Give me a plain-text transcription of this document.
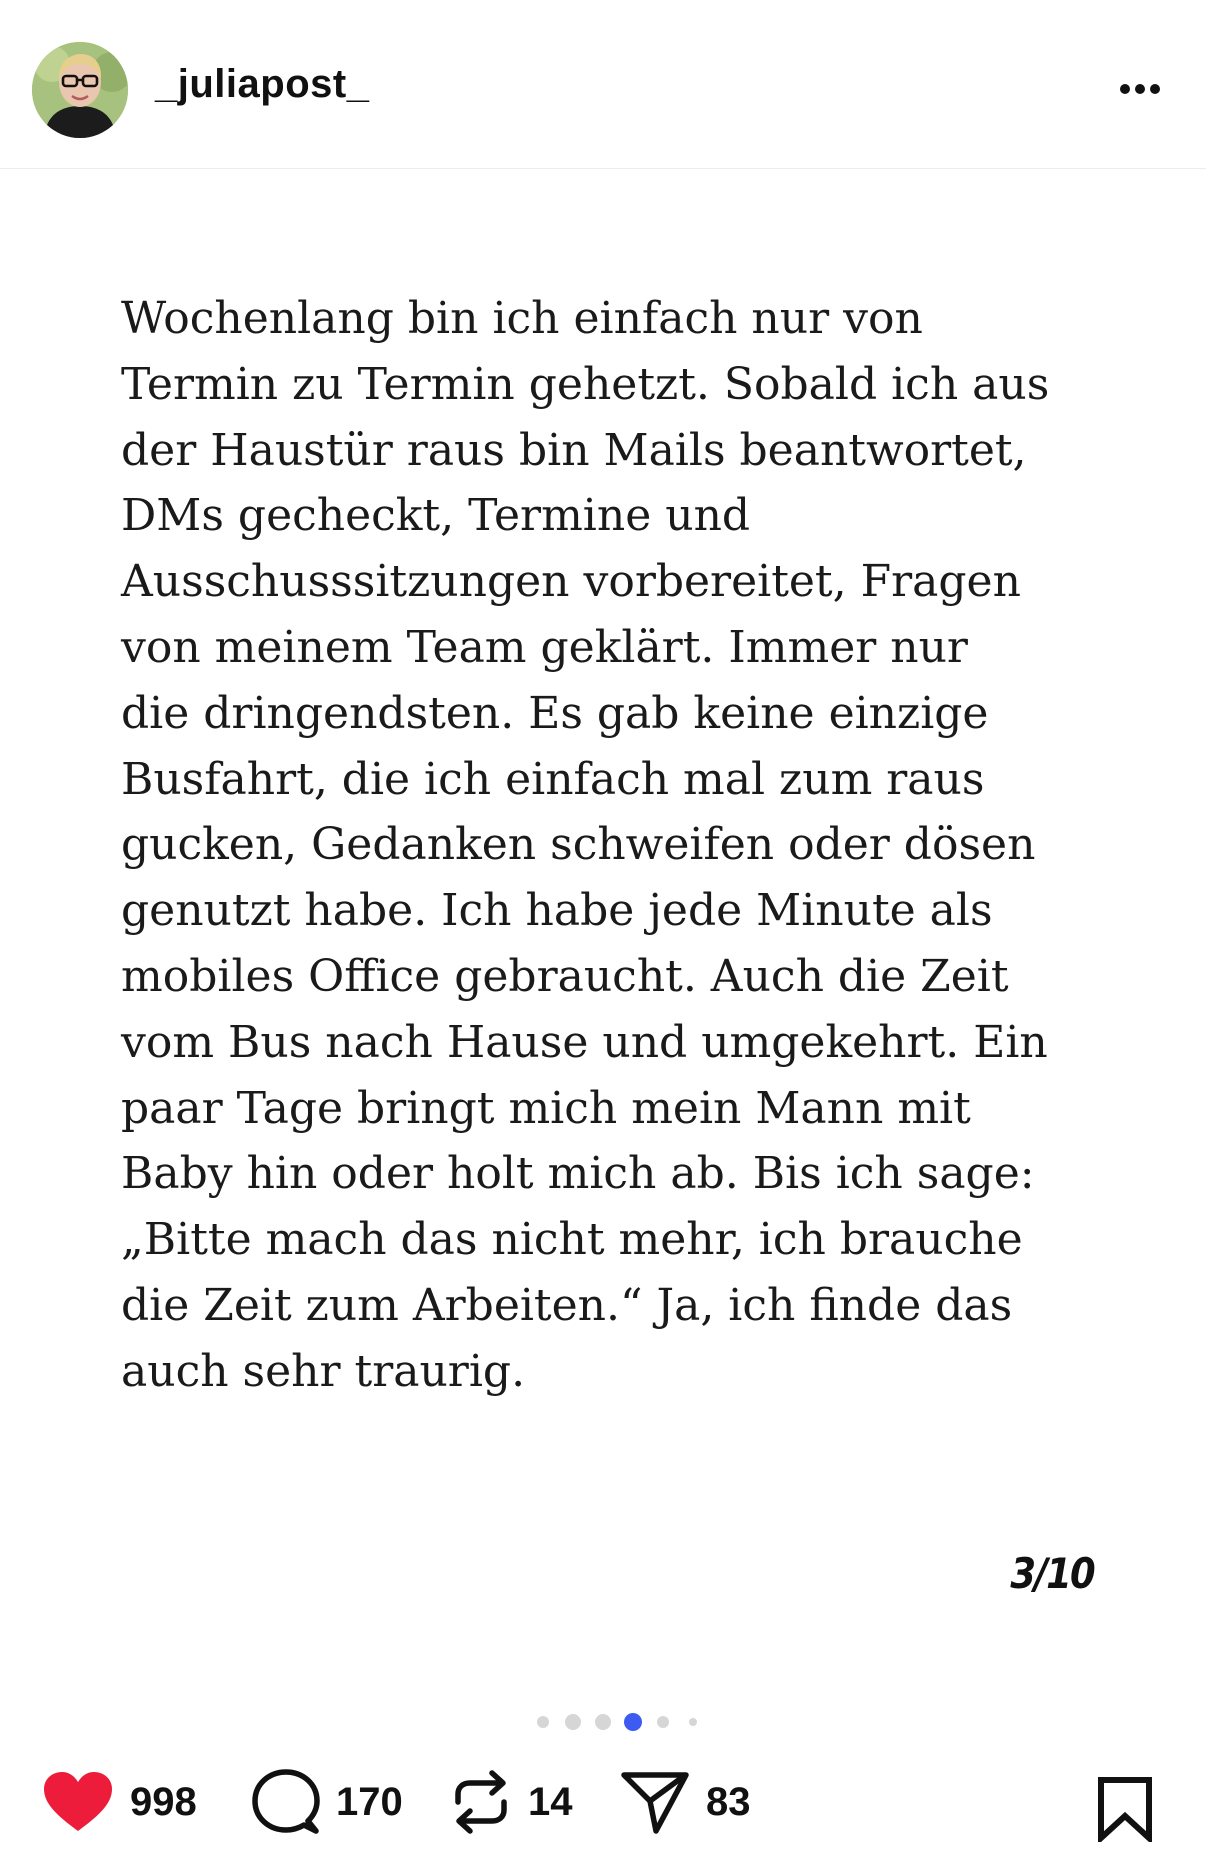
_juliapost_
Wochenlang bin ich einfach nur von
Termin zu Termin gehetzt. Sobald ich aus
der Haustür raus bin Mails beantwortet,
DMs gecheckt, Termine und
Ausschusssitzungen vorbereitet, Fragen
von meinem Team geklärt. Immer nur
die dringendsten. Es gab keine einzige
Busfahrt, die ich einfach mal zum raus
gucken, Gedanken schweifen oder dösen
genutzt habe. Ich habe jede Minute als
mobiles Office gebraucht. Auch die Zeit
vom Bus nach Hause und umgekehrt. Ein
paar Tage bringt mich mein Mann mit
Baby hin oder holt mich ab. Bis ich sage:
„Bitte mach das nicht mehr, ich brauche
die Zeit zum Arbeiten.“ Ja, ich finde das
auch sehr traurig.
3/10
998	170	14	83
